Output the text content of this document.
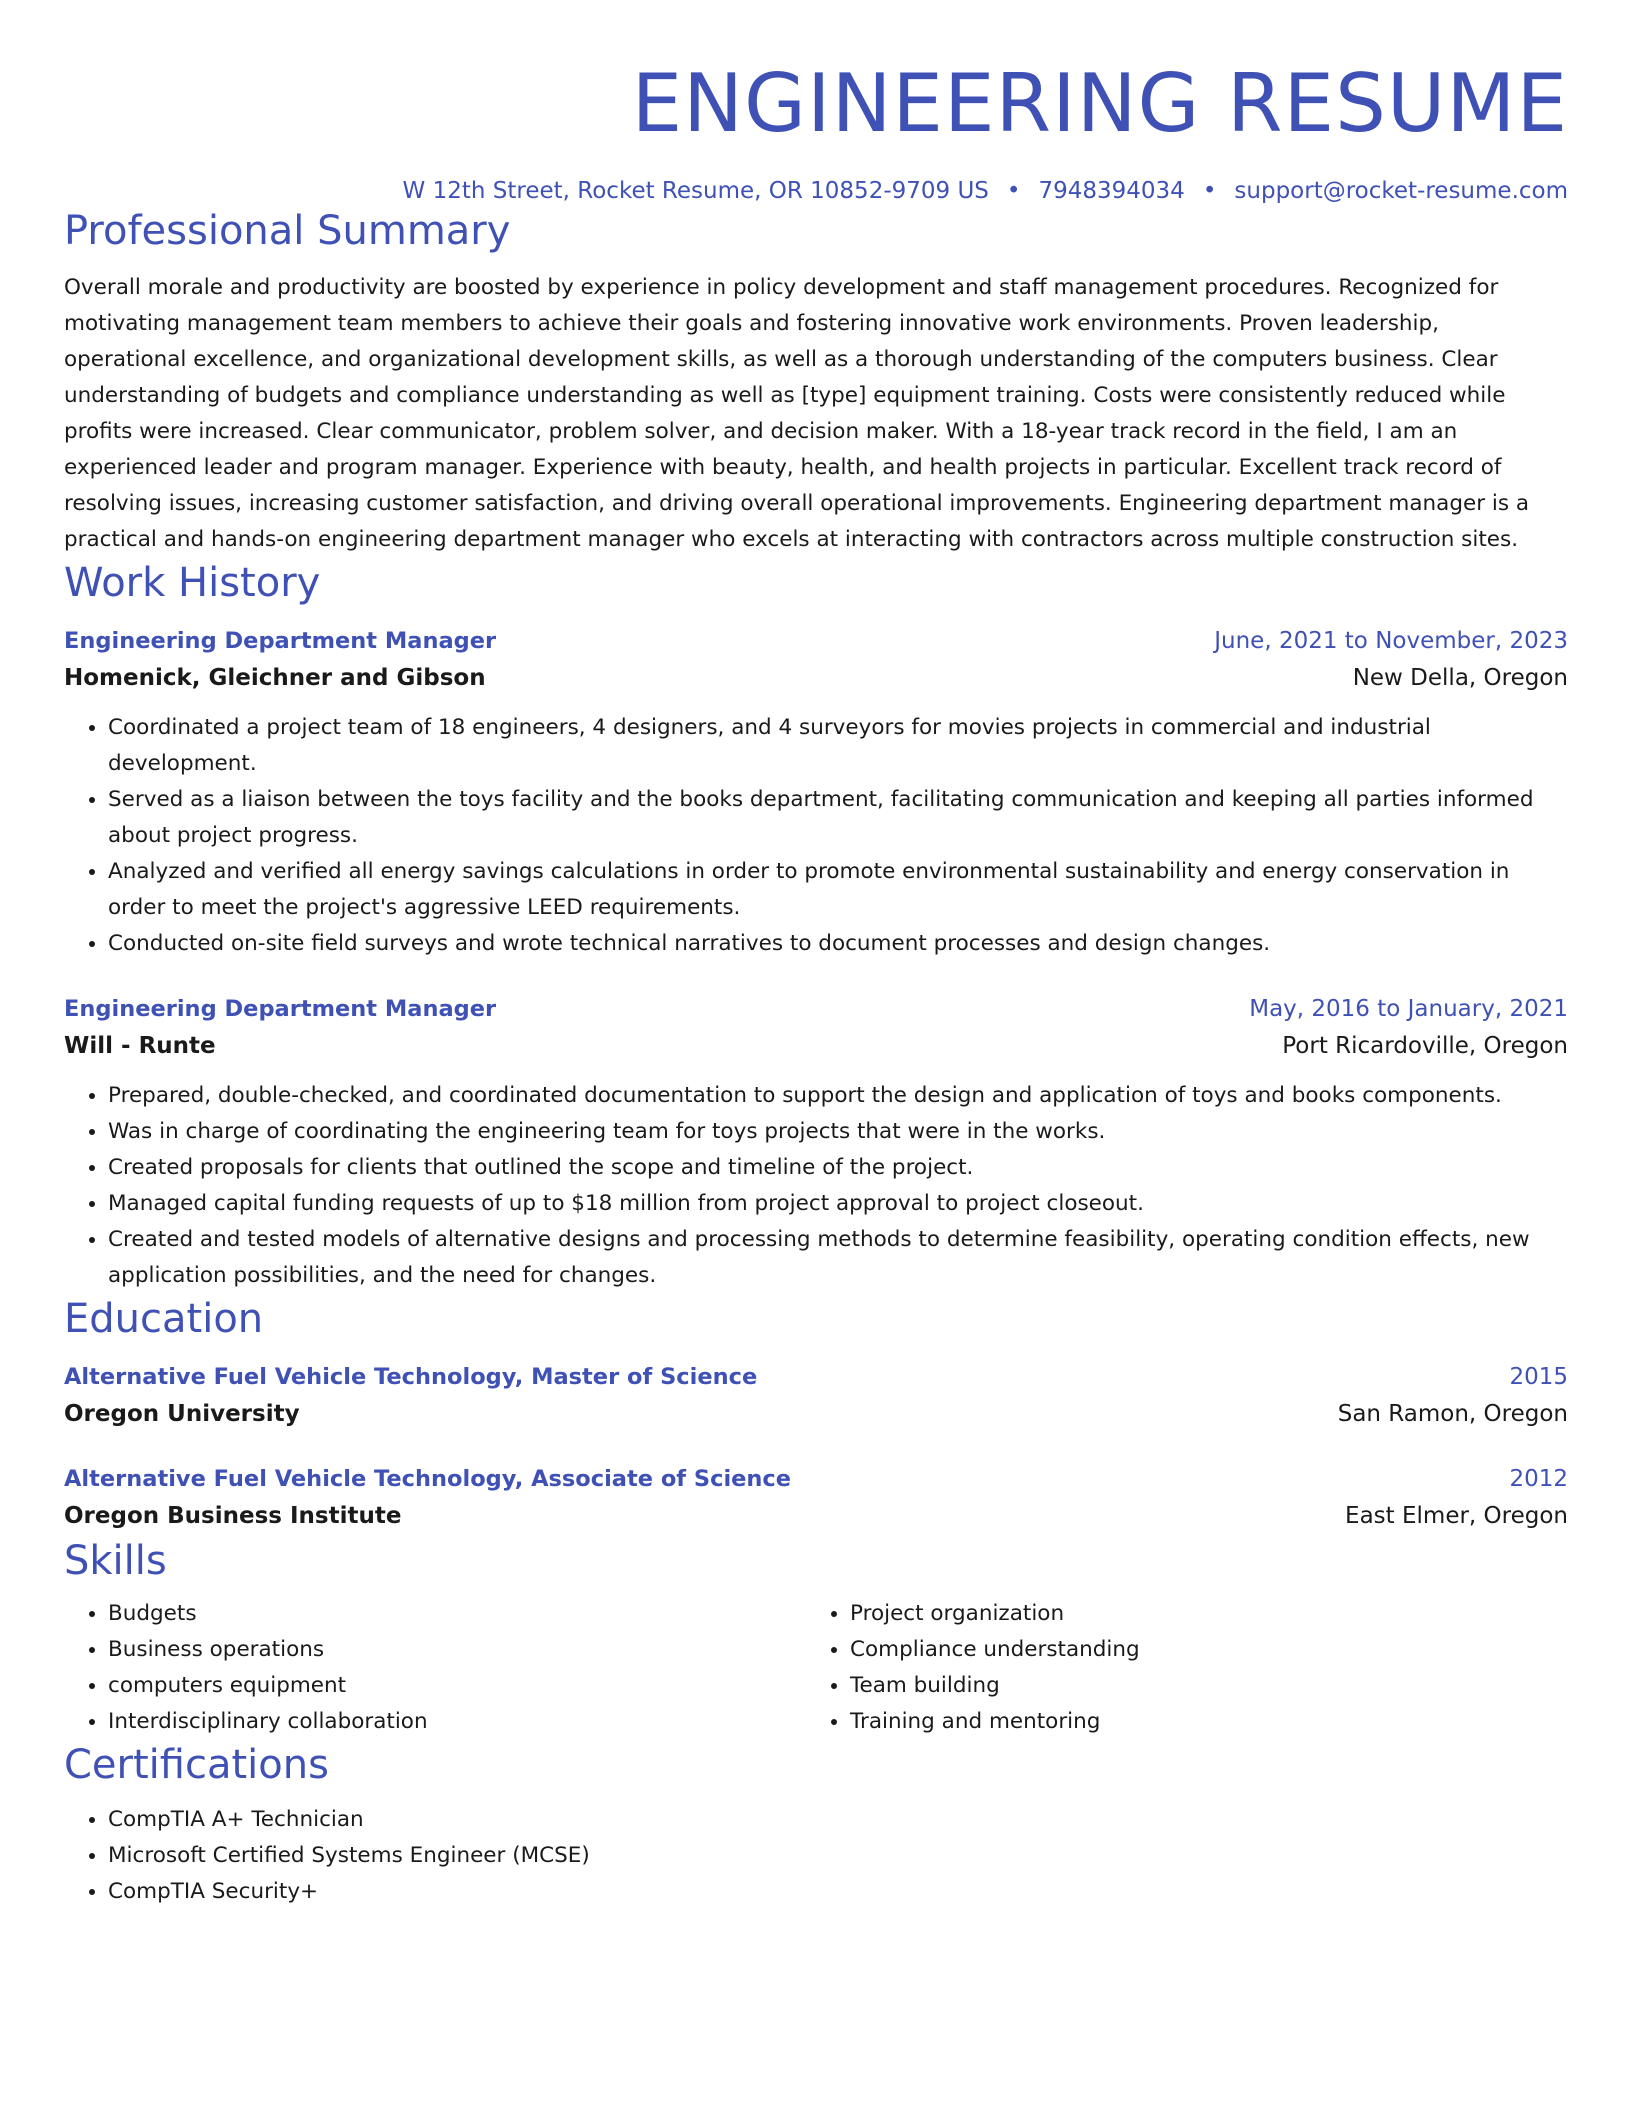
ENGINEERING RESUME
W 12th Street, Rocket Resume, OR 10852-9709 US • 7948394034 • support@rocket-resume.com
Professional Summary

Overall morale and productivity are boosted by experience in policy development and staff management procedures. Recognized for motivating management team members to achieve their goals and fostering innovative work environments. Proven leadership, operational excellence, and organizational development skills, as well as a thorough understanding of the computers business. Clear understanding of budgets and compliance understanding as well as [type] equipment training. Costs were consistently reduced while profits were increased. Clear communicator, problem solver, and decision maker. With a 18-year track record in the field, I am an experienced leader and program manager. Experience with beauty, health, and health projects in particular. Excellent track record of resolving issues, increasing customer satisfaction, and driving overall operational improvements. Engineering department manager is a practical and hands-on engineering department manager who excels at interacting with contractors across multiple construction sites.

Work History
Engineering Department Manager	June, 2021 to November, 2023
Homenick, Gleichner and Gibson	New Della, Oregon
• Coordinated a project team of 18 engineers, 4 designers, and 4 surveyors for movies projects in commercial and industrial development.
• Served as a liaison between the toys facility and the books department, facilitating communication and keeping all parties informed about project progress.
• Analyzed and verified all energy savings calculations in order to promote environmental sustainability and energy conservation in order to meet the project's aggressive LEED requirements.
• Conducted on-site field surveys and wrote technical narratives to document processes and design changes.
Engineering Department Manager	May, 2016 to January, 2021
Will - Runte	Port Ricardoville, Oregon
• Prepared, double-checked, and coordinated documentation to support the design and application of toys and books components.
• Was in charge of coordinating the engineering team for toys projects that were in the works.
• Created proposals for clients that outlined the scope and timeline of the project.
• Managed capital funding requests of up to $18 million from project approval to project closeout.
• Created and tested models of alternative designs and processing methods to determine feasibility, operating condition effects, new application possibilities, and the need for changes.
Education
Alternative Fuel Vehicle Technology, Master of Science	2015
Oregon University	San Ramon, Oregon
Alternative Fuel Vehicle Technology, Associate of Science	2012
Oregon Business Institute	East Elmer, Oregon
Skills
• Budgets
• Business operations
• computers equipment
• Interdisciplinary collaboration
• Project organization
• Compliance understanding
• Team building
• Training and mentoring
Certifications
• CompTIA A+ Technician
• Microsoft Certified Systems Engineer (MCSE)
• CompTIA Security+
